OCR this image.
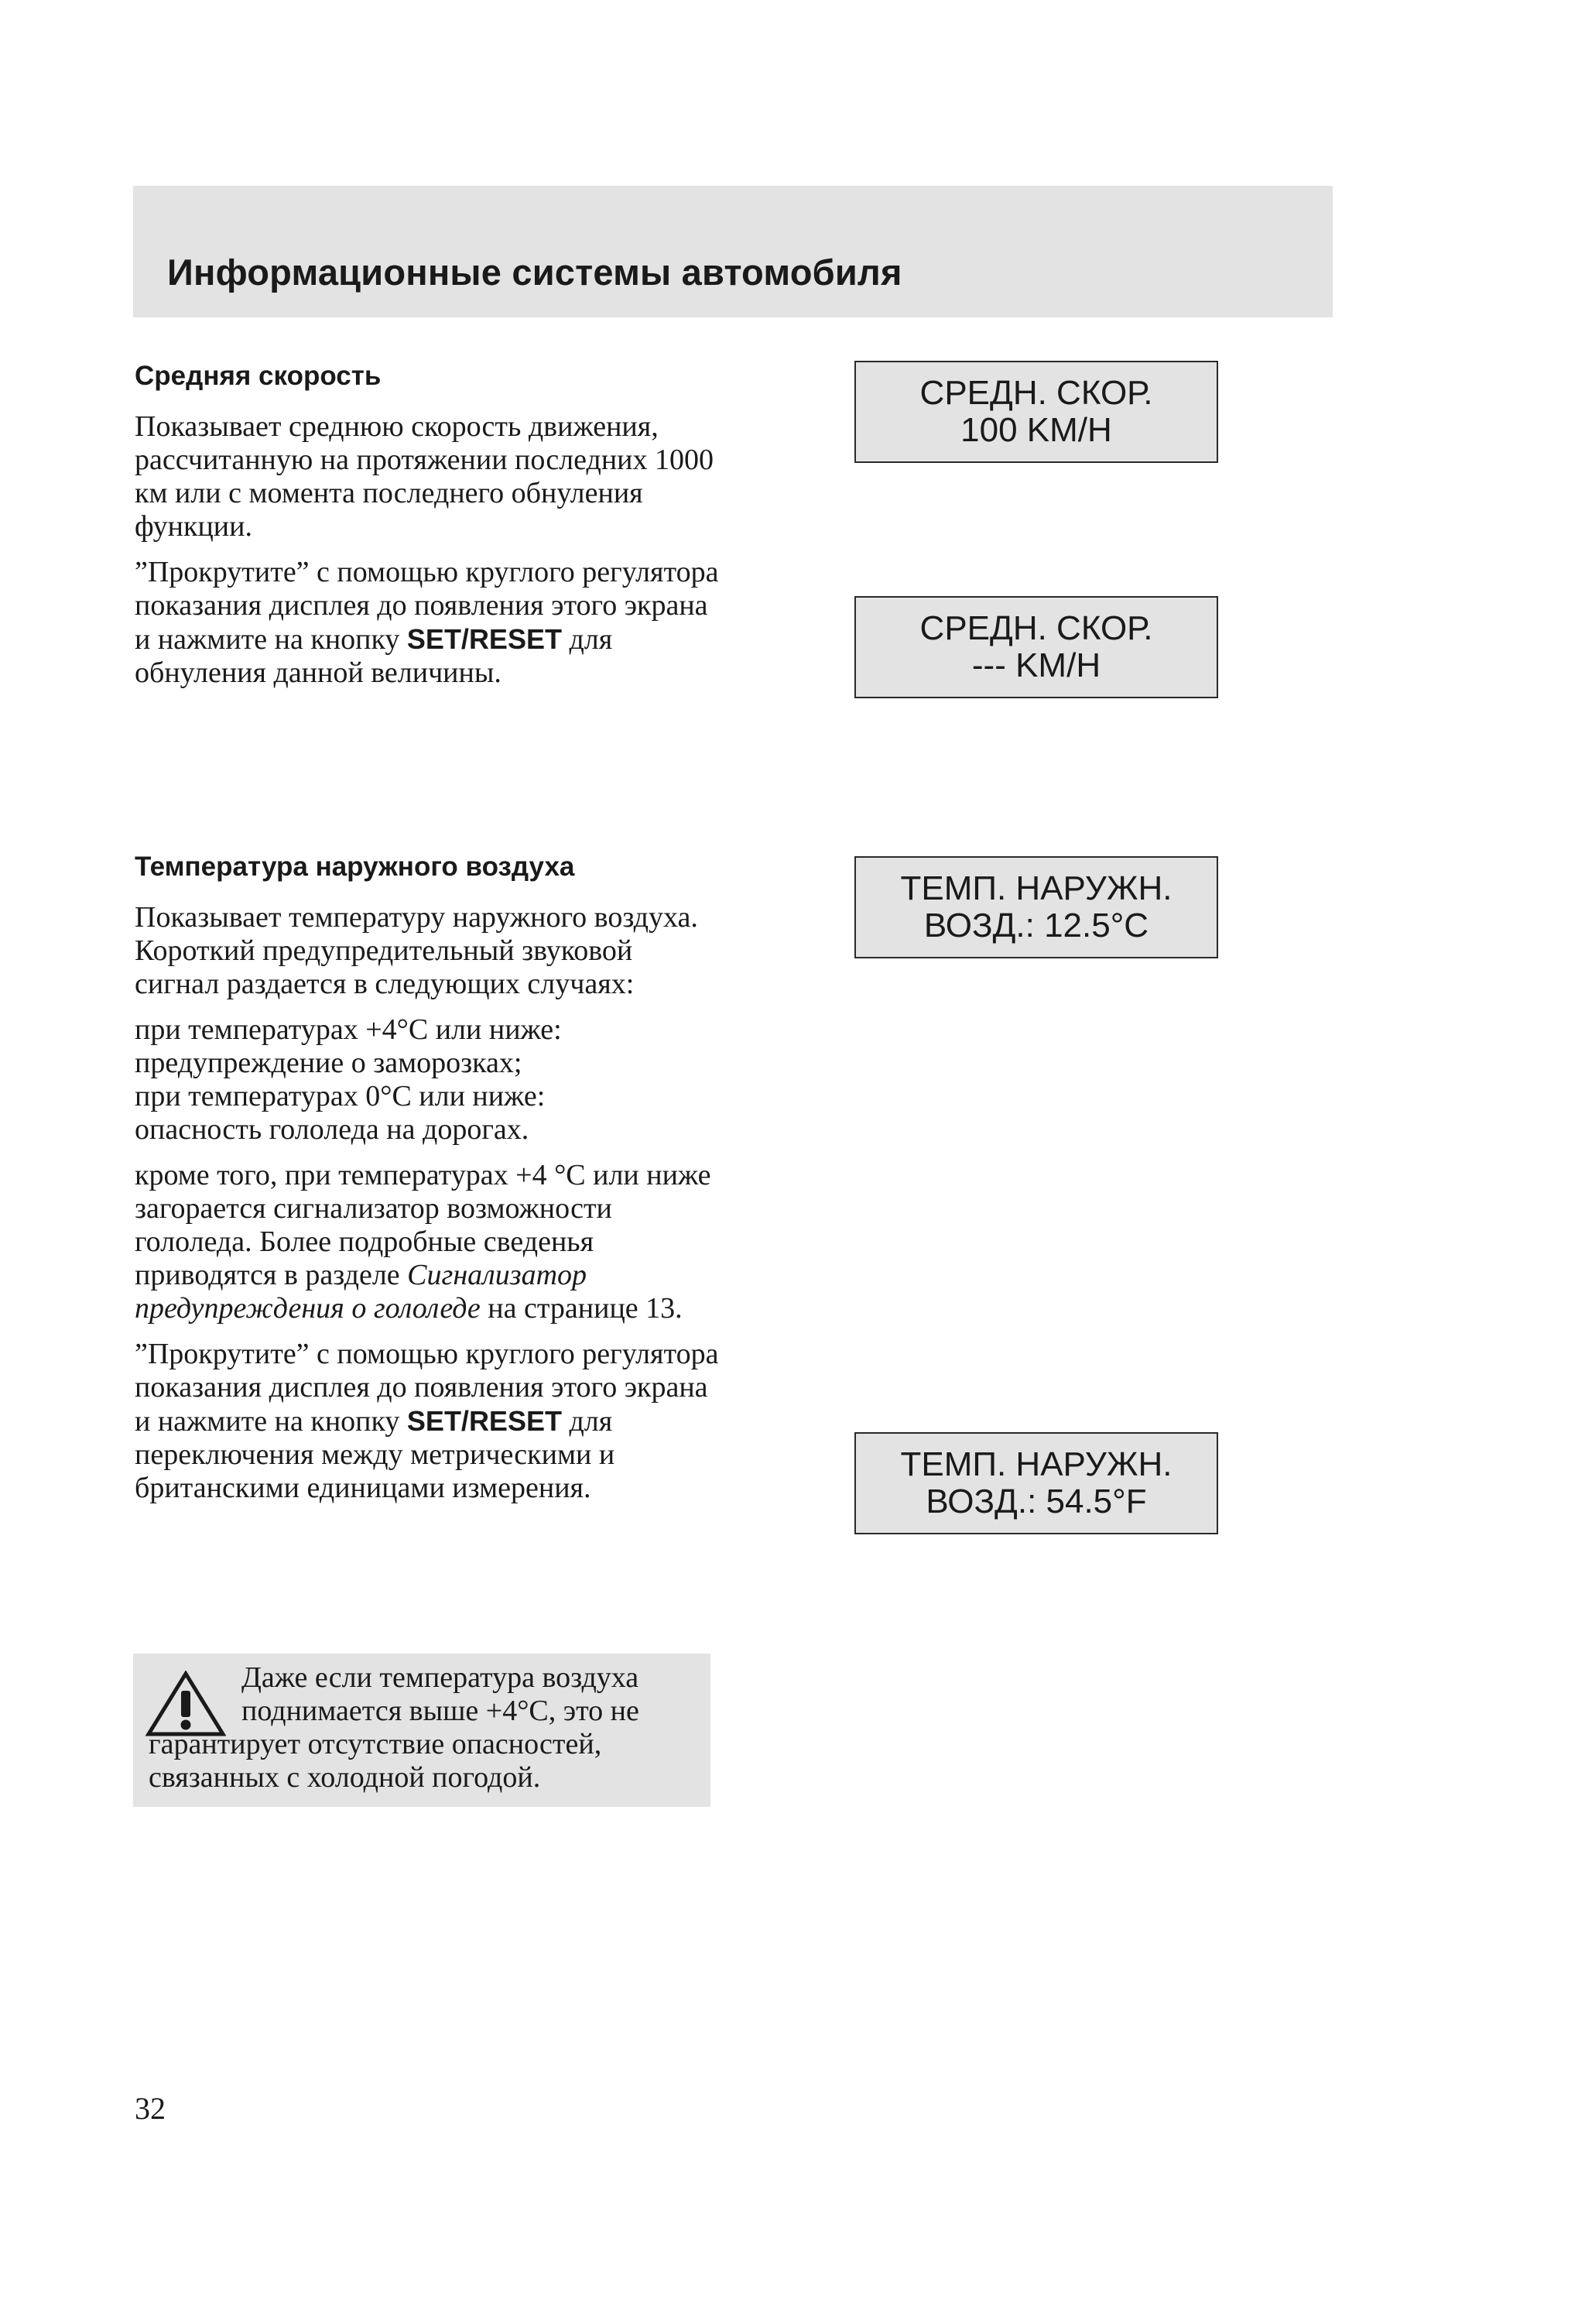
Информационные системы автомобиля
Средняя скорость

Показывает среднюю скорость движения, рассчитанную на протяжении последних 1000 км или с момента последнего обнуления функции.

”Прокрутите” с помощью круглого регулятора показания дисплея до появления этого экрана и нажмите на кнопку SET/RESET для обнуления данной величины.

СРЕДН. СКОР.
100 KM/H
СРЕДН. СКОР.
--- KM/H
Температура наружного воздуха

Показывает температуру наружного воздуха. Короткий предупредительный звуковой сигнал раздается в следующих случаях:

при температурах +4°C или ниже:
предупреждение о заморозках;
при температурах 0°C или ниже:
опасность гололеда на дорогах.

кроме того, при температурах +4 °C или ниже загорается сигнализатор возможности гололеда. Более подробные сведенья приводятся в разделе Сигнализатор предупреждения о гололеде на странице 13.

”Прокрутите” с помощью круглого регулятора показания дисплея до появления этого экрана и нажмите на кнопку SET/RESET для переключения между метрическими и британскими единицами измерения.

ТЕМП. НАРУЖН.
ВОЗД.: 12.5°C
ТЕМП. НАРУЖН.
ВОЗД.: 54.5°F

Даже если температура воздуха
поднимается выше +4°C, это не гарантирует отсутствие опасностей, связанных с холодной погодой.

32
